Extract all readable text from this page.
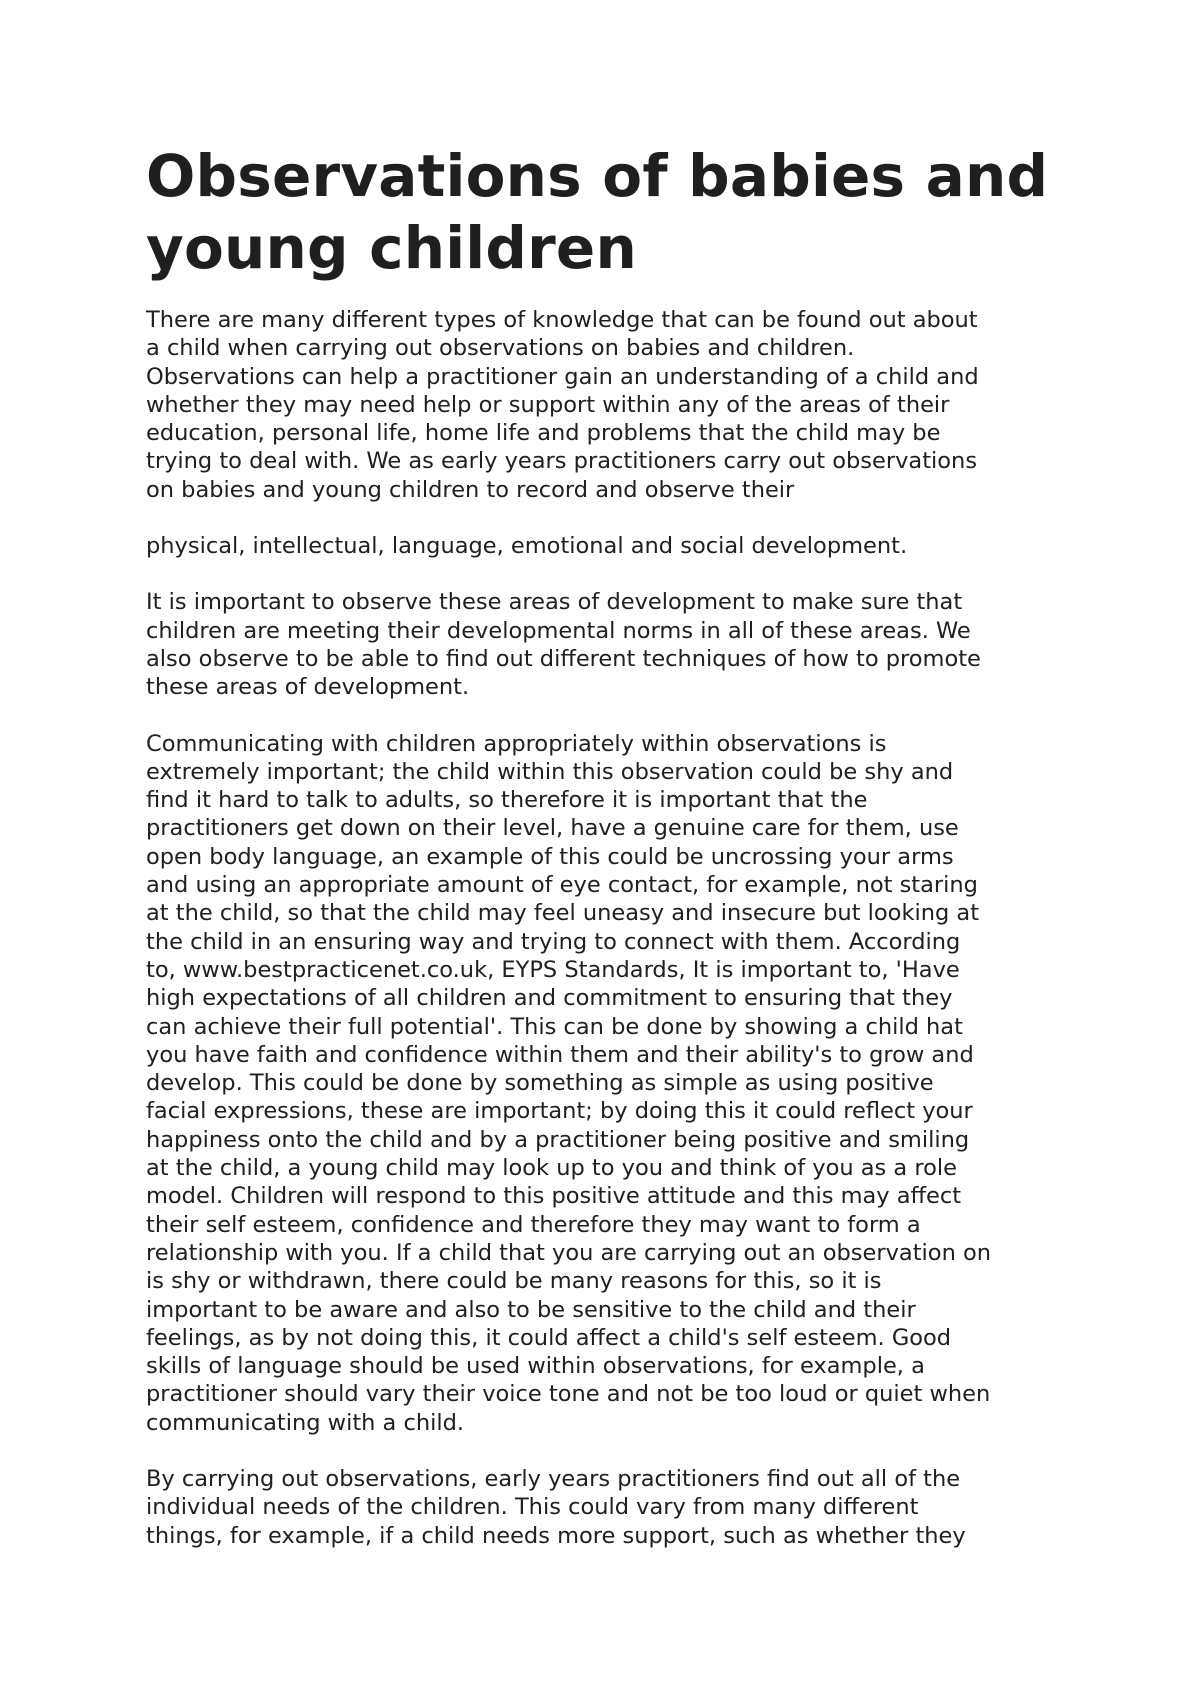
Observations of babies and
young children

There are many different types of knowledge that can be found out about
a child when carrying out observations on babies and children.
Observations can help a practitioner gain an understanding of a child and
whether they may need help or support within any of the areas of their
education, personal life, home life and problems that the child may be
trying to deal with. We as early years practitioners carry out observations
on babies and young children to record and observe their

physical, intellectual, language, emotional and social development.

It is important to observe these areas of development to make sure that
children are meeting their developmental norms in all of these areas. We
also observe to be able to find out different techniques of how to promote
these areas of development.

Communicating with children appropriately within observations is
extremely important; the child within this observation could be shy and
find it hard to talk to adults, so therefore it is important that the
practitioners get down on their level, have a genuine care for them, use
open body language, an example of this could be uncrossing your arms
and using an appropriate amount of eye contact, for example, not staring
at the child, so that the child may feel uneasy and insecure but looking at
the child in an ensuring way and trying to connect with them. According
to, www.bestpracticenet.co.uk, EYPS Standards, It is important to, 'Have
high expectations of all children and commitment to ensuring that they
can achieve their full potential'. This can be done by showing a child hat
you have faith and confidence within them and their ability's to grow and
develop. This could be done by something as simple as using positive
facial expressions, these are important; by doing this it could reflect your
happiness onto the child and by a practitioner being positive and smiling
at the child, a young child may look up to you and think of you as a role
model. Children will respond to this positive attitude and this may affect
their self esteem, confidence and therefore they may want to form a
relationship with you. If a child that you are carrying out an observation on
is shy or withdrawn, there could be many reasons for this, so it is
important to be aware and also to be sensitive to the child and their
feelings, as by not doing this, it could affect a child's self esteem. Good
skills of language should be used within observations, for example, a
practitioner should vary their voice tone and not be too loud or quiet when
communicating with a child.

By carrying out observations, early years practitioners find out all of the
individual needs of the children. This could vary from many different
things, for example, if a child needs more support, such as whether they
